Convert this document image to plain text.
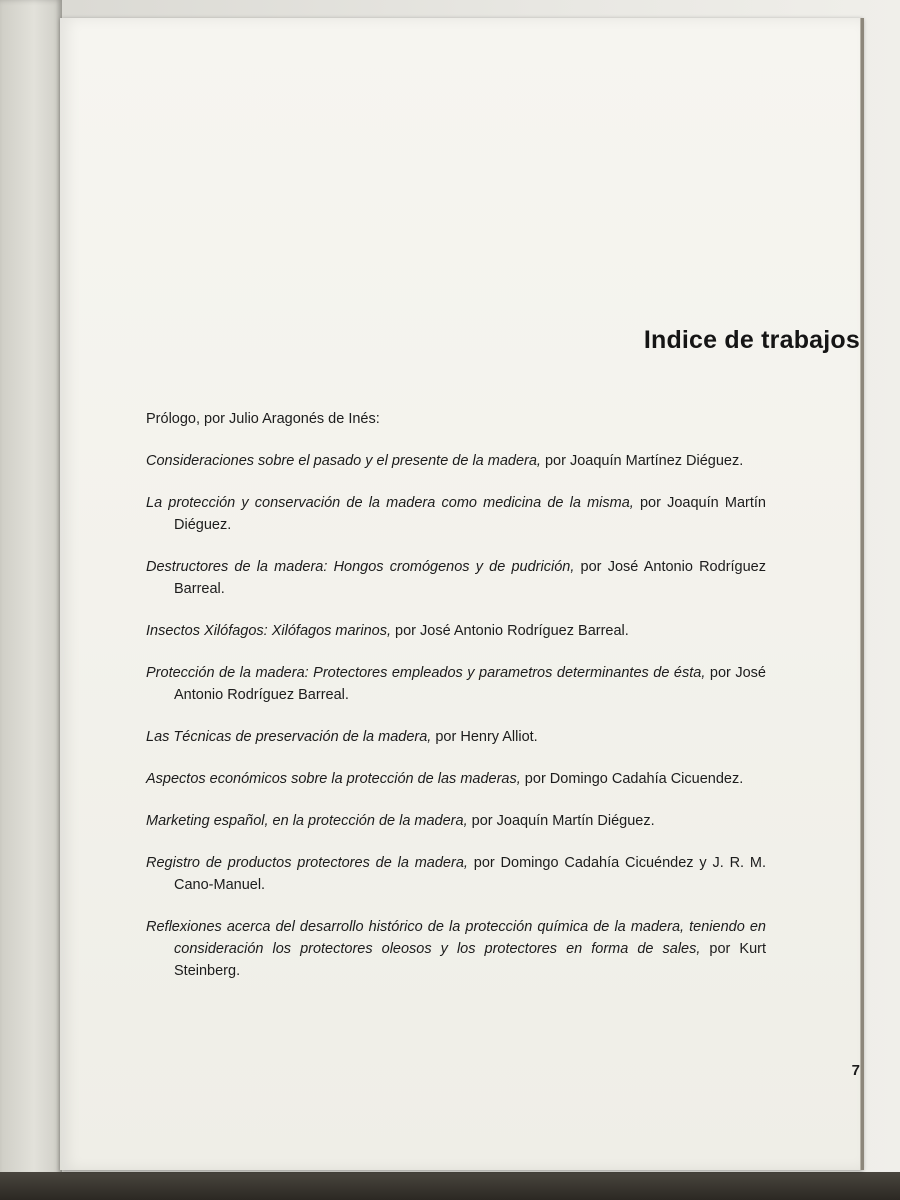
Indice de trabajos
Prólogo, por Julio Aragonés de Inés:
Consideraciones sobre el pasado y el presente de la madera, por Joaquín Martínez Diéguez.
La protección y conservación de la madera como medicina de la misma, por Joaquín Martín Diéguez.
Destructores de la madera: Hongos cromógenos y de pudrición, por José Antonio Rodríguez Barreal.
Insectos Xilófagos: Xilófagos marinos, por José Antonio Rodríguez Barreal.
Protección de la madera: Protectores empleados y parametros determinantes de ésta, por José Antonio Rodríguez Barreal.
Las Técnicas de preservación de la madera, por Henry Alliot.
Aspectos económicos sobre la protección de las maderas, por Domingo Cadahía Cicuendez.
Marketing español, en la protección de la madera, por Joaquín Martín Diéguez.
Registro de productos protectores de la madera, por Domingo Cadahía Cicuéndez y J. R. M. Cano-Manuel.
Reflexiones acerca del desarrollo histórico de la protección química de la madera, teniendo en consideración los protectores oleosos y los protectores en forma de sales, por Kurt Steinberg.
7
